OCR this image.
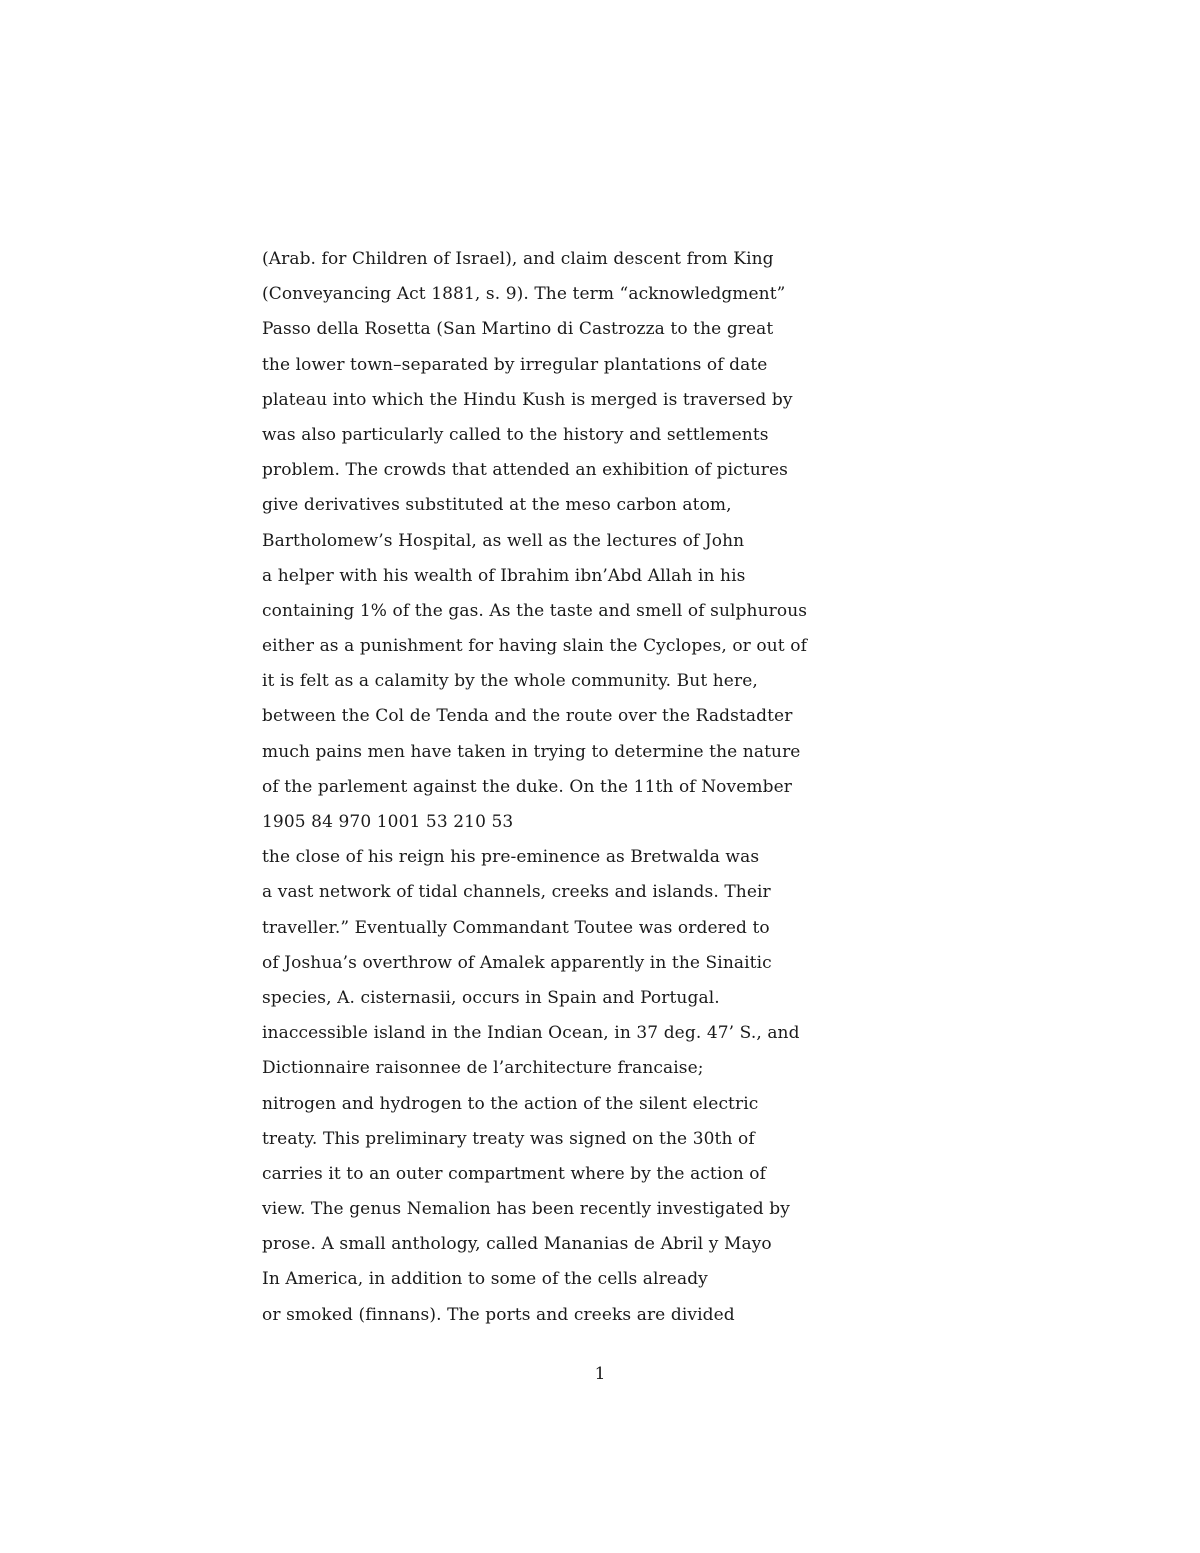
(Arab. for Children of Israel), and claim descent from King
(Conveyancing Act 1881, s. 9). The term “acknowledgment”
Passo della Rosetta (San Martino di Castrozza to the great
the lower town–separated by irregular plantations of date
plateau into which the Hindu Kush is merged is traversed by
was also particularly called to the history and settlements
problem. The crowds that attended an exhibition of pictures
give derivatives substituted at the meso carbon atom,
Bartholomew’s Hospital, as well as the lectures of John
a helper with his wealth of Ibrahim ibn’Abd Allah in his
containing 1% of the gas. As the taste and smell of sulphurous
either as a punishment for having slain the Cyclopes, or out of
it is felt as a calamity by the whole community. But here,
between the Col de Tenda and the route over the Radstadter
much pains men have taken in trying to determine the nature
of the parlement against the duke. On the 11th of November
1905 84 970 1001 53 210 53
the close of his reign his pre-eminence as Bretwalda was
a vast network of tidal channels, creeks and islands. Their
traveller.” Eventually Commandant Toutee was ordered to
of Joshua’s overthrow of Amalek apparently in the Sinaitic
species, A. cisternasii, occurs in Spain and Portugal.
inaccessible island in the Indian Ocean, in 37 deg. 47’ S., and
Dictionnaire raisonnee de l’architecture francaise;
nitrogen and hydrogen to the action of the silent electric
treaty. This preliminary treaty was signed on the 30th of
carries it to an outer compartment where by the action of
view. The genus Nemalion has been recently investigated by
prose. A small anthology, called Mananias de Abril y Mayo
In America, in addition to some of the cells already
or smoked (finnans). The ports and creeks are divided
1
